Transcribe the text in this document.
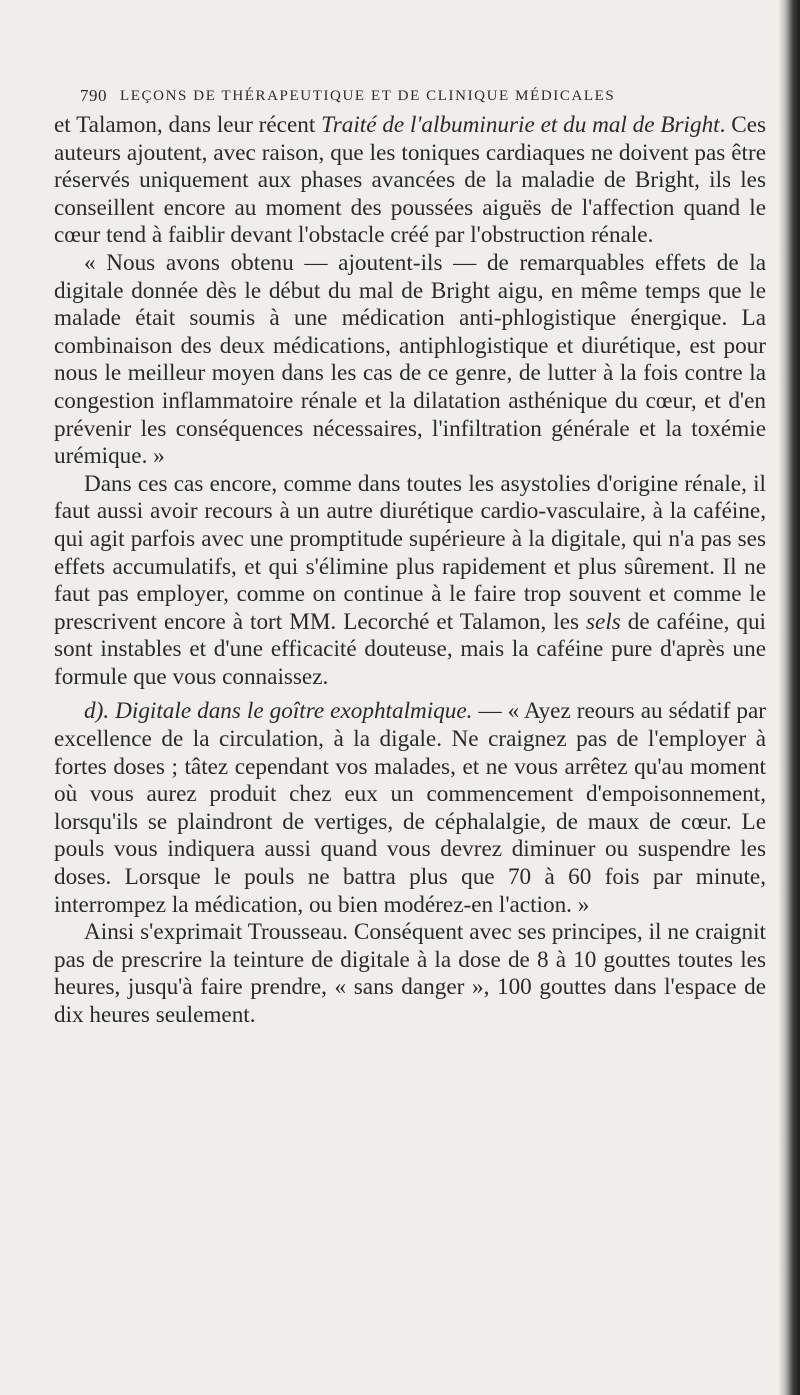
790 LEÇONS DE THÉRAPEUTIQUE ET DE CLINIQUE MÉDICALES

et Talamon, dans leur récent Traité de l'albuminurie et du mal de Bright. Ces auteurs ajoutent, avec raison, que les toniques cardiaques ne doivent pas être réservés uniquement aux phases avancées de la maladie de Bright, ils les conseillent encore au moment des poussées aiguës de l'affection quand le cœur tend à faiblir devant l'obstacle créé par l'obstruction rénale.

« Nous avons obtenu — ajoutent-ils — de remarquables effets de la digitale donnée dès le début du mal de Bright aigu, en même temps que le malade était soumis à une médication anti-phlogistique énergique. La combinaison des deux médications, antiphlogistique et diurétique, est pour nous le meilleur moyen dans les cas de ce genre, de lutter à la fois contre la congestion inflammatoire rénale et la dilatation asthénique du cœur, et d'en prévenir les conséquences nécessaires, l'infiltration générale et la toxémie urémique. »

Dans ces cas encore, comme dans toutes les asystolies d'origine rénale, il faut aussi avoir recours à un autre diurétique cardio-vasculaire, à la caféine, qui agit parfois avec une promptitude supérieure à la digitale, qui n'a pas ses effets accumulatifs, et qui s'élimine plus rapidement et plus sûrement. Il ne faut pas employer, comme on continue à le faire trop souvent et comme le prescrivent encore à tort MM. Lecorché et Talamon, les sels de caféine, qui sont instables et d'une efficacité douteuse, mais la caféine pure d'après une formule que vous connaissez.

d). Digitale dans le goître exophtalmique. — « Ayez reours au sédatif par excellence de la circulation, à la digale. Ne craignez pas de l'employer à fortes doses ; tâtez cependant vos malades, et ne vous arrêtez qu'au moment où vous aurez produit chez eux un commencement d'empoisonnement, lorsqu'ils se plaindront de vertiges, de céphalalgie, de maux de cœur. Le pouls vous indiquera aussi quand vous devrez diminuer ou suspendre les doses. Lorsque le pouls ne battra plus que 70 à 60 fois par minute, interrompez la médication, ou bien modérez-en l'action. »

Ainsi s'exprimait Trousseau. Conséquent avec ses principes, il ne craignit pas de prescrire la teinture de digitale à la dose de 8 à 10 gouttes toutes les heures, jusqu'à faire prendre, « sans danger », 100 gouttes dans l'espace de dix heures seulement.
